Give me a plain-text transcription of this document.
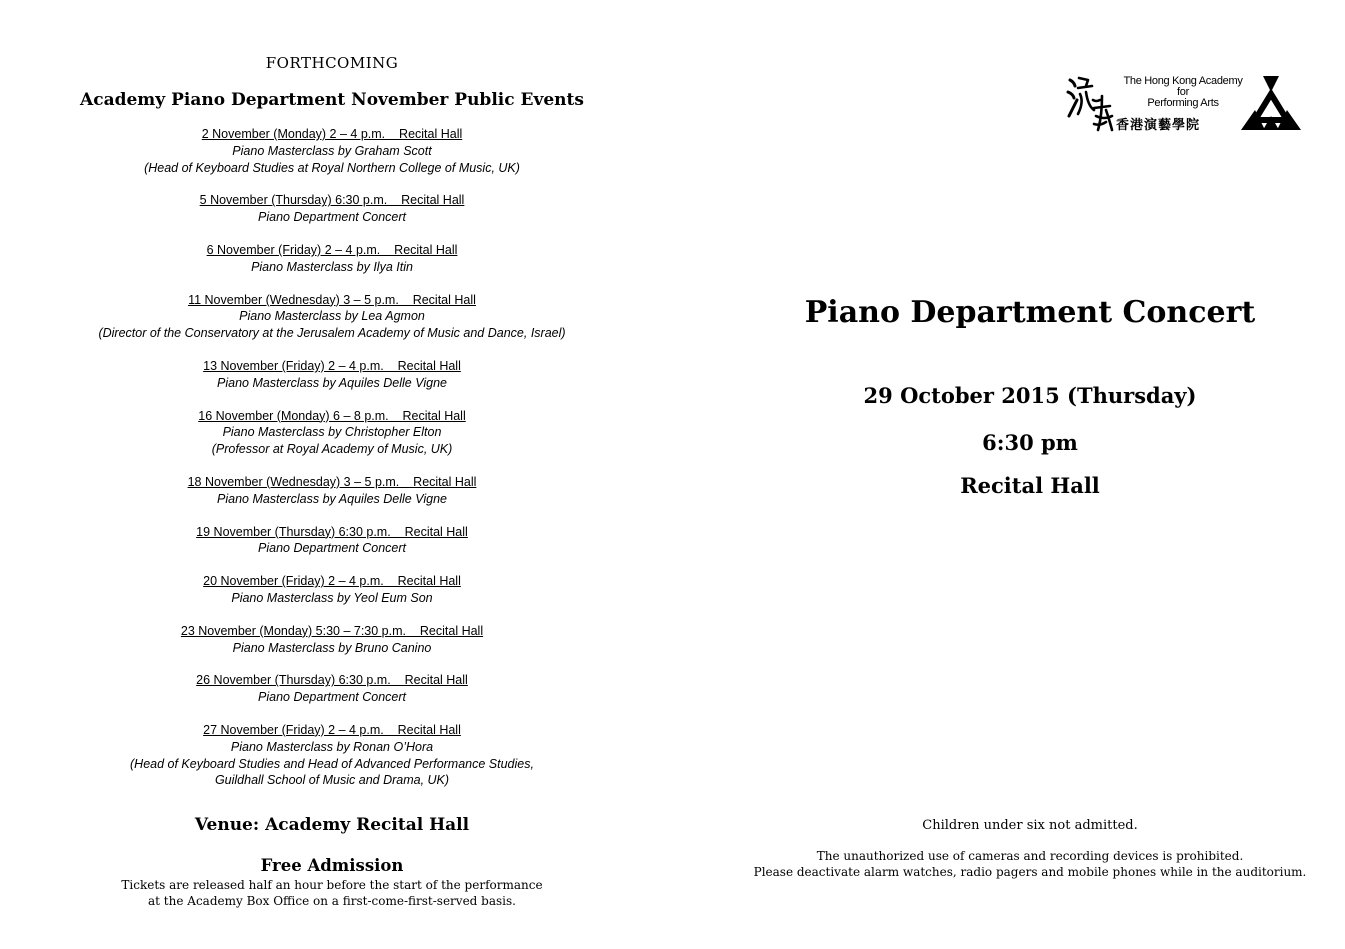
FORTHCOMING
Academy Piano Department November Public Events
2 November (Monday) 2 – 4 p.m.    Recital Hall
Piano Masterclass by Graham Scott
(Head of Keyboard Studies at Royal Northern College of Music, UK)
5 November (Thursday) 6:30 p.m.    Recital Hall
Piano Department Concert
6 November (Friday) 2 – 4 p.m.    Recital Hall
Piano Masterclass by Ilya Itin
11 November (Wednesday) 3 – 5 p.m.    Recital Hall
Piano Masterclass by Lea Agmon
(Director of the Conservatory at the Jerusalem Academy of Music and Dance, Israel)
13 November (Friday) 2 – 4 p.m.    Recital Hall
Piano Masterclass by Aquiles Delle Vigne
16 November (Monday) 6 – 8 p.m.    Recital Hall
Piano Masterclass by Christopher Elton
(Professor at Royal Academy of Music, UK)
18 November (Wednesday) 3 – 5 p.m.    Recital Hall
Piano Masterclass by Aquiles Delle Vigne
19 November (Thursday) 6:30 p.m.    Recital Hall
Piano Department Concert
20 November (Friday) 2 – 4 p.m.    Recital Hall
Piano Masterclass by Yeol Eum Son
23 November (Monday) 5:30 – 7:30 p.m.    Recital Hall
Piano Masterclass by Bruno Canino
26 November (Thursday) 6:30 p.m.    Recital Hall
Piano Department Concert
27 November (Friday) 2 – 4 p.m.    Recital Hall
Piano Masterclass by Ronan O’Hora
(Head of Keyboard Studies and Head of Advanced Performance Studies,
Guildhall School of Music and Drama, UK)
Venue: Academy Recital Hall
Free Admission
Tickets are released half an hour before the start of the performance
at the Academy Box Office on a first-come-first-served basis.
The Hong Kong Academy
for
Performing Arts
香港演藝學院
Piano Department Concert
29 October 2015 (Thursday)
6:30 pm
Recital Hall
Children under six not admitted.
The unauthorized use of cameras and recording devices is prohibited.
Please deactivate alarm watches, radio pagers and mobile phones while in the auditorium.
